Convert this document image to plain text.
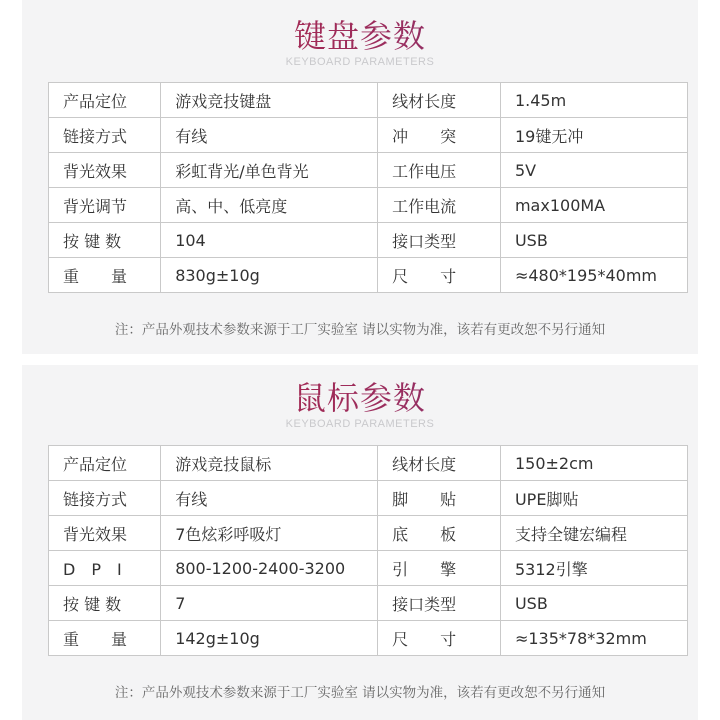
键盘参数
KEYBOARD PARAMETERS
产品定位	游戏竞技键盘	线材长度	1.45m
链接方式	有线	冲　　突	19键无冲
背光效果	彩虹背光/单色背光	工作电压	5V
背光调节	高、中、低亮度	工作电流	max100MA
按 键 数	104	接口类型	USB
重　　量	830g±10g	尺　　寸	≈480*195*40mm
注：产品外观技术参数来源于工厂实验室 请以实物为准，该若有更改恕不另行通知
鼠标参数
KEYBOARD PARAMETERS
产品定位	游戏竞技鼠标	线材长度	150±2cm
链接方式	有线	脚　　贴	UPE脚贴
背光效果	7色炫彩呼吸灯	底　　板	支持全键宏编程
D　P　I	800-1200-2400-3200	引　　擎	5312引擎
按 键 数	7	接口类型	USB
重　　量	142g±10g	尺　　寸	≈135*78*32mm
注：产品外观技术参数来源于工厂实验室 请以实物为准，该若有更改恕不另行通知
